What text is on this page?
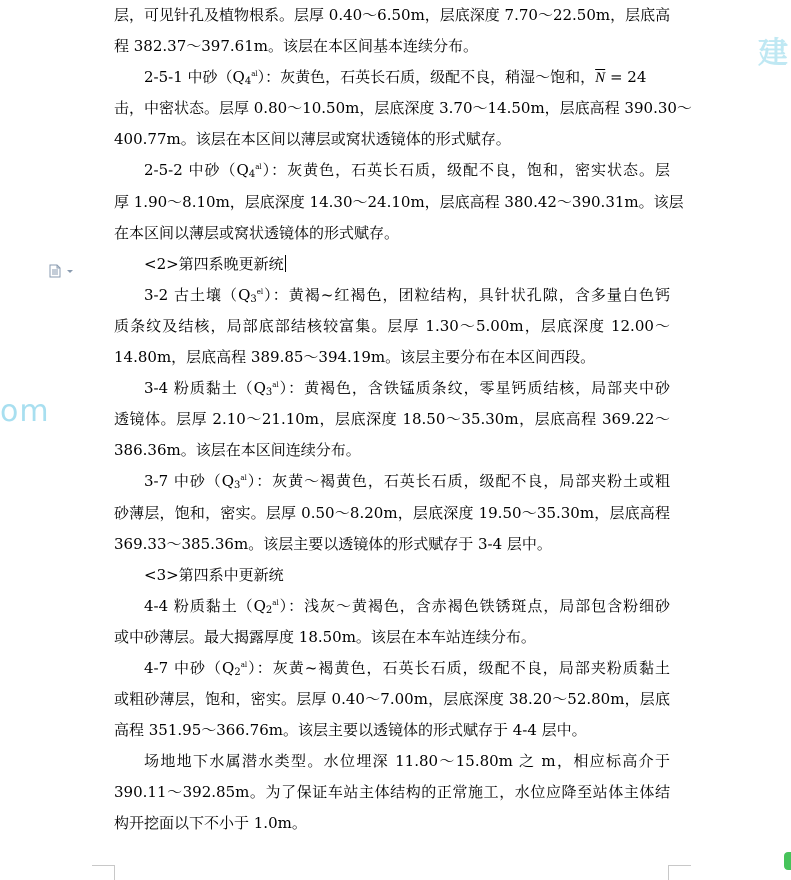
建
om
层，可见针孔及植物根系。层厚 0.40～6.50m，层底深度 7.70～22.50m，层底高
程 382.37～397.61m。该层在本区间基本连续分布。
2-5-1 中砂$(Q_4^{al})$：灰黄色，石英长石质，级配不良，稍湿～饱和，$\overline{N} = 24$
击，中密状态。层厚 0.80～10.50m，层底深度 3.70～14.50m，层底高程 390.30～
400.77m。该层在本区间以薄层或窝状透镜体的形式赋存。
2-5-2 中砂$(Q_4^{al})$：灰黄色，石英长石质，级配不良，饱和，密实状态。层
厚 1.90～8.10m，层底深度 14.30～24.10m，层底高程 380.42～390.31m。该层
在本区间以薄层或窝状透镜体的形式赋存。
<2>第四系晚更新统
3-2 古土壤$(Q_3^{el})$：黄褐~红褐色，团粒结构，具针状孔隙，含多量白色钙
质条纹及结核，局部底部结核较富集。层厚 1.30～5.00m，层底深度 12.00～
14.80m，层底高程 389.85～394.19m。该层主要分布在本区间西段。
3-4 粉质黏土$(Q_3^{al})$：黄褐色，含铁锰质条纹，零星钙质结核，局部夹中砂
透镜体。层厚 2.10～21.10m，层底深度 18.50～35.30m，层底高程 369.22～
386.36m。该层在本区间连续分布。
3-7 中砂$(Q_3^{al})$：灰黄～褐黄色，石英长石质，级配不良，局部夹粉土或粗
砂薄层，饱和，密实。层厚 0.50～8.20m，层底深度 19.50～35.30m，层底高程
369.33～385.36m。该层主要以透镜体的形式赋存于 3-4 层中。
<3>第四系中更新统
4-4 粉质黏土$(Q_2^{al})$：浅灰～黄褐色，含赤褐色铁锈斑点，局部包含粉细砂
或中砂薄层。最大揭露厚度 18.50m。该层在本车站连续分布。
4-7 中砂$(Q_2^{al})$：灰黄~褐黄色，石英长石质，级配不良，局部夹粉质黏土
或粗砂薄层，饱和，密实。层厚 0.40～7.00m，层底深度 38.20～52.80m，层底
高程 351.95～366.76m。该层主要以透镜体的形式赋存于 4-4 层中。
场地地下水属潜水类型。水位埋深 11.80～15.80m 之 m，相应标高介于
390.11～392.85m。为了保证车站主体结构的正常施工，水位应降至站体主体结
构开挖面以下不小于 1.0m。
